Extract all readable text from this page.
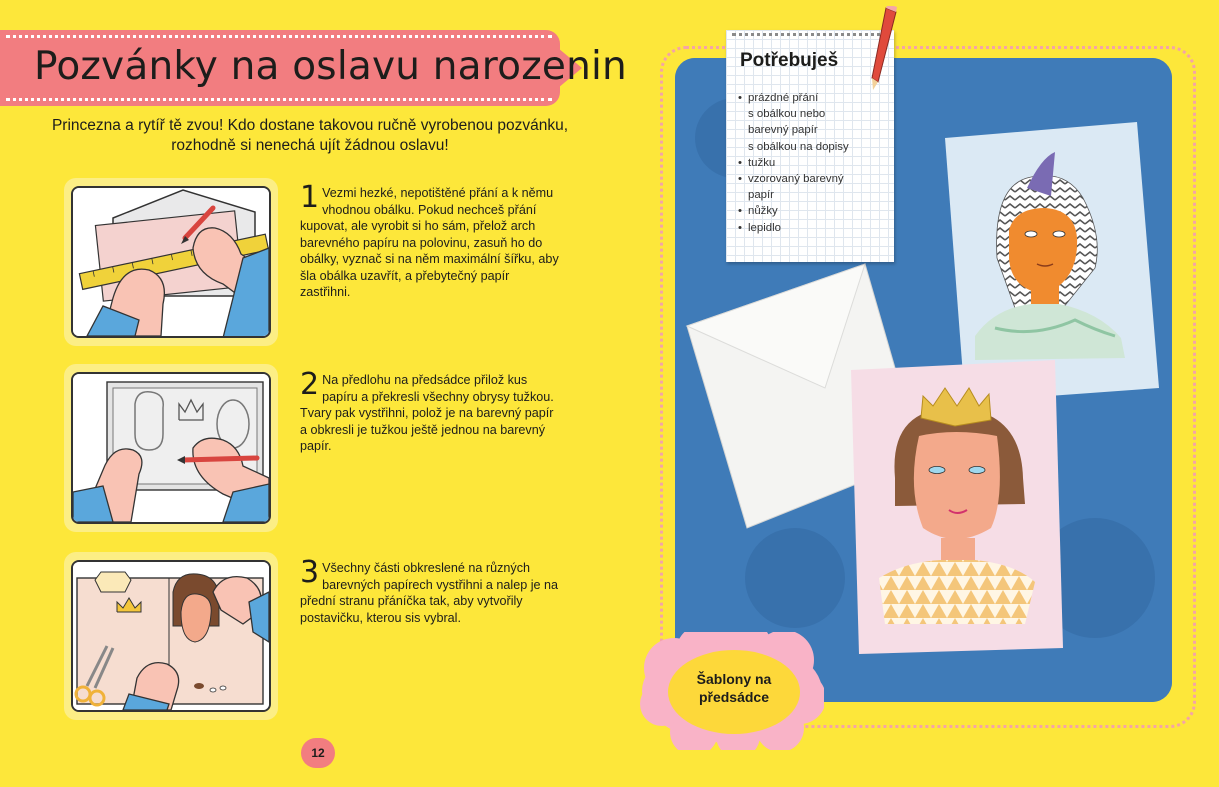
Pozvánky na oslavu narozenin
Princezna a rytíř tě zvou! Kdo dostane takovou ručně vyrobenou pozvánku, rozhodně si nenechá ujít žádnou oslavu!
1 Vezmi hezké, nepotištěné přání a k němu vhodnou obálku. Pokud nechceš přání kupovat, ale vyrobit si ho sám, přelož arch barevného papíru na polovinu, zasuň ho do obálky, vyznač si na něm maximální šířku, aby šla obálka uzavřít, a přebytečný papír zastřihni.
2 Na předlohu na předsádce přilož kus papíru a překresli všechny obrysy tužkou. Tvary pak vystřihni, polož je na barevný papír a obkresli je tužkou ještě jednou na barevný papír.
3 Všechny části obkreslené na různých barevných papírech vystřihni a nalep je na přední stranu přáníčka tak, aby vytvořily postavičku, kterou sis vybral.
12
Potřebuješ
• prázdné přání
s obálkou nebo
barevný papír
s obálkou na dopisy
• tužku
• vzorovaný barevný
papír
• nůžky
• lepidlo
Šablony na předsádce
